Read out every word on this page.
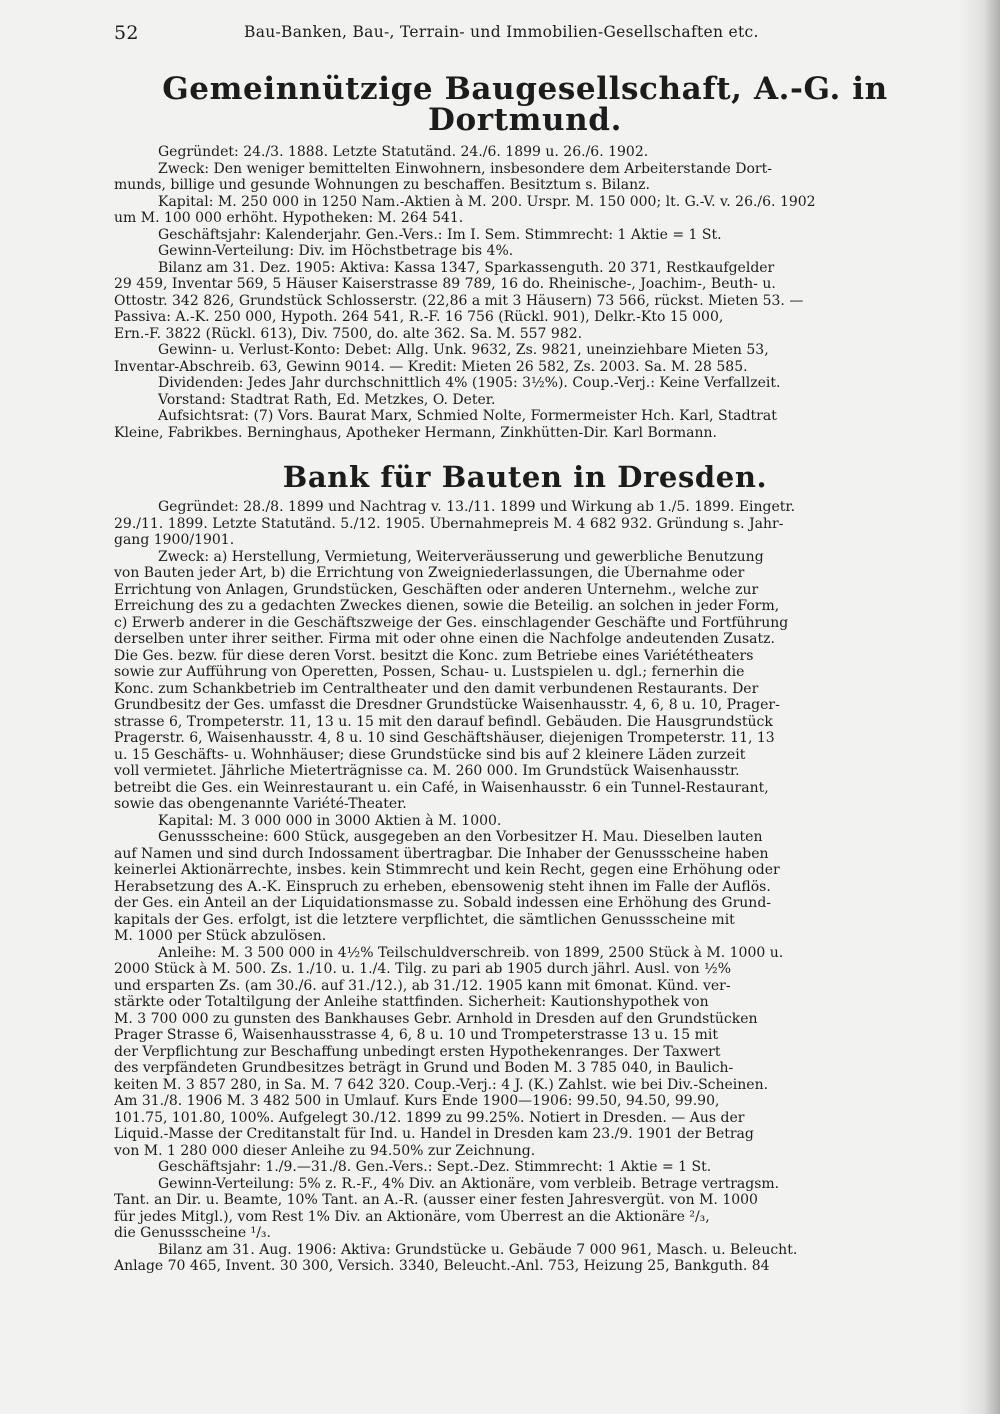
52	Bau-Banken, Bau-, Terrain- und Immobilien-Gesellschaften etc.
Gemeinnützige Baugesellschaft, A.-G. in Dortmund.
Gegründet: 24./3. 1888. Letzte Statutänd. 24./6. 1899 u. 26./6. 1902.
Zweck: Den weniger bemittelten Einwohnern, insbesondere dem Arbeiterstande Dort-
munds, billige und gesunde Wohnungen zu beschaffen. Besitztum s. Bilanz.
Kapital: M. 250 000 in 1250 Nam.-Aktien à M. 200. Urspr. M. 150 000; lt. G.-V. v. 26./6. 1902
um M. 100 000 erhöht. Hypotheken: M. 264 541.
Geschäftsjahr: Kalenderjahr. Gen.-Vers.: Im I. Sem. Stimmrecht: 1 Aktie = 1 St.
Gewinn-Verteilung: Div. im Höchstbetrage bis 4%.
Bilanz am 31. Dez. 1905: Aktiva: Kassa 1347, Sparkassenguth. 20 371, Restkaufgelder
29 459, Inventar 569, 5 Häuser Kaiserstrasse 89 789, 16 do. Rheinische-, Joachim-, Beuth- u.
Ottostr. 342 826, Grundstück Schlosserstr. (22,86 a mit 3 Häusern) 73 566, rückst. Mieten 53. —
Passiva: A.-K. 250 000, Hypoth. 264 541, R.-F. 16 756 (Rückl. 901), Delkr.-Kto 15 000,
Ern.-F. 3822 (Rückl. 613), Div. 7500, do. alte 362. Sa. M. 557 982.
Gewinn- u. Verlust-Konto: Debet: Allg. Unk. 9632, Zs. 9821, uneinziehbare Mieten 53,
Inventar-Abschreib. 63, Gewinn 9014. — Kredit: Mieten 26 582, Zs. 2003. Sa. M. 28 585.
Dividenden: Jedes Jahr durchschnittlich 4% (1905: 3½%). Coup.-Verj.: Keine Verfallzeit.
Vorstand: Stadtrat Rath, Ed. Metzkes, O. Deter.
Aufsichtsrat: (7) Vors. Baurat Marx, Schmied Nolte, Formermeister Hch. Karl, Stadtrat
Kleine, Fabrikbes. Berninghaus, Apotheker Hermann, Zinkhütten-Dir. Karl Bormann.
Bank für Bauten in Dresden.
Gegründet: 28./8. 1899 und Nachtrag v. 13./11. 1899 und Wirkung ab 1./5. 1899. Eingetr.
29./11. 1899. Letzte Statutänd. 5./12. 1905. Übernahmepreis M. 4 682 932. Gründung s. Jahr-
gang 1900/1901.
Zweck: a) Herstellung, Vermietung, Weiterveräusserung und gewerbliche Benutzung
von Bauten jeder Art, b) die Errichtung von Zweigniederlassungen, die Übernahme oder
Errichtung von Anlagen, Grundstücken, Geschäften oder anderen Unternehm., welche zur
Erreichung des zu a gedachten Zweckes dienen, sowie die Beteilig. an solchen in jeder Form,
c) Erwerb anderer in die Geschäftszweige der Ges. einschlagender Geschäfte und Fortführung
derselben unter ihrer seither. Firma mit oder ohne einen die Nachfolge andeutenden Zusatz.
Die Ges. bezw. für diese deren Vorst. besitzt die Konc. zum Betriebe eines Variététheaters
sowie zur Aufführung von Operetten, Possen, Schau- u. Lustspielen u. dgl.; fernerhin die
Konc. zum Schankbetrieb im Centraltheater und den damit verbundenen Restaurants. Der
Grundbesitz der Ges. umfasst die Dresdner Grundstücke Waisenhausstr. 4, 6, 8 u. 10, Prager-
strasse 6, Trompeterstr. 11, 13 u. 15 mit den darauf befindl. Gebäuden. Die Hausgrundstück
Pragerstr. 6, Waisenhausstr. 4, 8 u. 10 sind Geschäftshäuser, diejenigen Trompeterstr. 11, 13
u. 15 Geschäfts- u. Wohnhäuser; diese Grundstücke sind bis auf 2 kleinere Läden zurzeit
voll vermietet. Jährliche Mieterträgnisse ca. M. 260 000. Im Grundstück Waisenhausstr.
betreibt die Ges. ein Weinrestaurant u. ein Café, in Waisenhausstr. 6 ein Tunnel-Restaurant,
sowie das obengenannte Variété-Theater.
Kapital: M. 3 000 000 in 3000 Aktien à M. 1000.
Genussscheine: 600 Stück, ausgegeben an den Vorbesitzer H. Mau. Dieselben lauten
auf Namen und sind durch Indossament übertragbar. Die Inhaber der Genussscheine haben
keinerlei Aktionärrechte, insbes. kein Stimmrecht und kein Recht, gegen eine Erhöhung oder
Herabsetzung des A.-K. Einspruch zu erheben, ebensowenig steht ihnen im Falle der Auflös.
der Ges. ein Anteil an der Liquidationsmasse zu. Sobald indessen eine Erhöhung des Grund-
kapitals der Ges. erfolgt, ist die letztere verpflichtet, die sämtlichen Genussscheine mit
M. 1000 per Stück abzulösen.
Anleihe: M. 3 500 000 in 4½% Teilschuldverschreib. von 1899, 2500 Stück à M. 1000 u.
2000 Stück à M. 500. Zs. 1./10. u. 1./4. Tilg. zu pari ab 1905 durch jährl. Ausl. von ½%
und ersparten Zs. (am 30./6. auf 31./12.), ab 31./12. 1905 kann mit 6monat. Künd. ver-
stärkte oder Totaltilgung der Anleihe stattfinden. Sicherheit: Kautionshypothek von
M. 3 700 000 zu gunsten des Bankhauses Gebr. Arnhold in Dresden auf den Grundstücken
Prager Strasse 6, Waisenhausstrasse 4, 6, 8 u. 10 und Trompeterstrasse 13 u. 15 mit
der Verpflichtung zur Beschaffung unbedingt ersten Hypothekenranges. Der Taxwert
des verpfändeten Grundbesitzes beträgt in Grund und Boden M. 3 785 040, in Baulich-
keiten M. 3 857 280, in Sa. M. 7 642 320. Coup.-Verj.: 4 J. (K.) Zahlst. wie bei Div.-Scheinen.
Am 31./8. 1906 M. 3 482 500 in Umlauf. Kurs Ende 1900—1906: 99.50, 94.50, 99.90,
101.75, 101.80, 100%. Aufgelegt 30./12. 1899 zu 99.25%. Notiert in Dresden. — Aus der
Liquid.-Masse der Creditanstalt für Ind. u. Handel in Dresden kam 23./9. 1901 der Betrag
von M. 1 280 000 dieser Anleihe zu 94.50% zur Zeichnung.
Geschäftsjahr: 1./9.—31./8. Gen.-Vers.: Sept.-Dez. Stimmrecht: 1 Aktie = 1 St.
Gewinn-Verteilung: 5% z. R.-F., 4% Div. an Aktionäre, vom verbleib. Betrage vertragsm.
Tant. an Dir. u. Beamte, 10% Tant. an A.-R. (ausser einer festen Jahresvergüt. von M. 1000
für jedes Mitgl.), vom Rest 1% Div. an Aktionäre, vom Überrest an die Aktionäre ²/₃,
die Genussscheine ¹/₃.
Bilanz am 31. Aug. 1906: Aktiva: Grundstücke u. Gebäude 7 000 961, Masch. u. Beleucht.
Anlage 70 465, Invent. 30 300, Versich. 3340, Beleucht.-Anl. 753, Heizung 25, Bankguth. 84
